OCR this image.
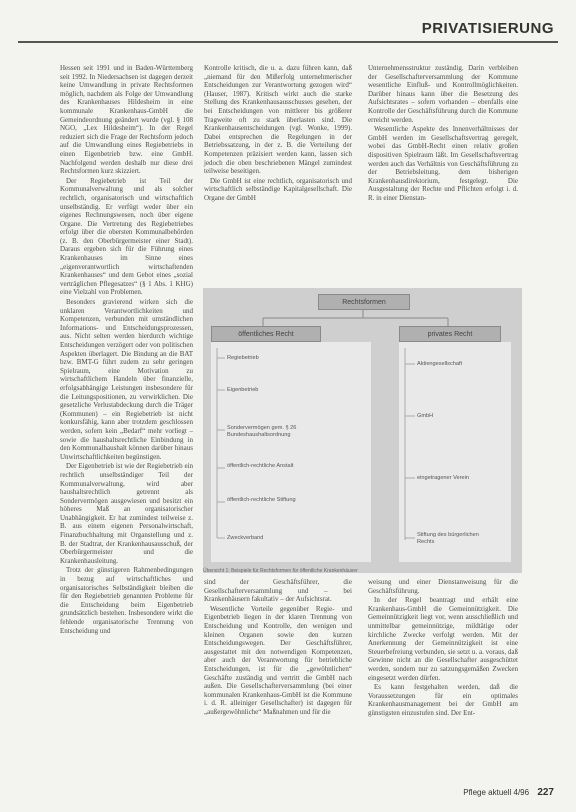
PRIVATISIERUNG

Hessen seit 1991 und in Baden-Württemberg seit 1992. In Niedersachsen ist dagegen derzeit keine Umwandlung in private Rechtsformen möglich, nachdem als Folge der Umwandlung des Krankenhauses Hildesheim in eine kommunale Krankenhaus-GmbH die Gemeindeordnung geändert wurde (vgl. § 108 NGO, „Lex Hildesheim“). In der Regel reduziert sich die Frage der Rechtsform jedoch auf die Umwandlung eines Regiebetriebs in einen Eigenbetrieb bzw. eine GmbH. Nachfolgend werden deshalb nur diese drei Rechtsformen kurz skizziert.

Der Regiebetrieb ist Teil der Kommunalverwaltung und als solcher rechtlich, organisatorisch und wirtschaftlich unselbständig. Er verfügt weder über ein eigenes Rechnungswesen, noch über eigene Organe. Die Vertretung des Regiebetriebes erfolgt über die obersten Kommunalbehörden (z. B. den Oberbürgermeister einer Stadt). Daraus ergeben sich für die Führung eines Krankenhauses im Sinne eines „eigenverantwortlich wirtschaftenden Krankenhauses“ und dem Gebot eines „sozial verträglichen Pflegesatzes“ (§ 1 Abs. 1 KHG) eine Vielzahl von Problemen.

Besonders gravierend wirken sich die unklaren Verantwortlichkeiten und Kompetenzen, verbunden mit umständlichen Informations- und Entscheidungsprozessen, aus. Nicht selten werden hierdurch wichtige Entscheidungen verzögert oder von politischen Aspekten überlagert. Die Bindung an die BAT bzw. BMT-G führt zudem zu sehr geringen Spielraum, eine Motivation zu wirtschaftlichem Handeln über finanzielle, erfolgsabhängige Leistungen insbesondere für die Leitungspositionen, zu verwirklichen. Die gesetzliche Verlustabdeckung durch die Träger (Kommunen) – ein Regiebetrieb ist nicht konkursfähig, kann aber trotzdem geschlossen werden, sofern kein „Bedarf“ mehr vorliegt – sowie die haushaltsrechtliche Einbindung in den Kommunalhaushalt können darüber hinaus Unwirtschaftlichkeiten begünstigen.

Der Eigenbetrieb ist wie der Regiebetrieb ein rechtlich unselbständiger Teil der Kommunalverwaltung, wird aber haushaltsrechtlich getrennt als Sondervermögen ausgewiesen und besitzt ein höheres Maß an organisatorischer Unabhängigkeit. Er hat zumindest teilweise z. B. aus einem eigenen Personalwirtschaft, Finanzbuchhaltung mit Organstellung und z. B. der Stadtrat, der Krankenhausausschuß, der Oberbürgermeister und die Krankenhausleitung.

Trotz der günstigeren Rahmenbedingungen in bezug auf wirtschaftliches und organisatorisches Selbständigkeit bleiben die für den Regiebetrieb genannten Probleme für die Entscheidung beim Eigenbetrieb grundsätzlich bestehen. Insbesondere wirkt die fehlende organisatorische Trennung von Entscheidung und

Kontrolle kritisch, die u. a. dazu führen kann, daß „niemand für den Mißerfolg unternehmerischer Entscheidungen zur Verantwortung gezogen wird“ (Hauser, 1987). Kritisch wirkt auch die starke Stellung des Krankenhausausschusses gesehen, der bei Entscheidungen von mittlerer bis größerer Tragweite oft zu stark überlasten sind. Die Krankenhausentscheidungen (vgl. Wonke, 1999). Dabei entsprechen die Regelungen in der Betriebssatzung, in der z. B. die Verteilung der Kompetenzen präzisiert werden kann, lassen sich jedoch die oben beschriebenen Mängel zumindest teilweise beseitigen.

Die GmbH ist eine rechtlich, organisatorisch und wirtschaftlich selbständige Kapitalgesellschaft. Die Organe der GmbH

Unternehmensstruktur zuständig. Darin verbleiben der Gesellschafterversammlung der Kommune wesentliche Einfluß- und Kontrollmöglichkeiten. Darüber hinaus kann über die Besetzung des Aufsichtsrates – sofern vorhanden – ebenfalls eine Kontrolle der Geschäftsführung durch die Kommune erreicht werden.

Wesentliche Aspekte des Innenverhältnisses der GmbH werden im Gesellschaftsvertrag geregelt, wobei das GmbH-Recht einen relativ großen dispositiven Spielraum läßt. Im Gesellschaftsvertrag werden auch das Verhältnis von Geschäftsführung zu der Betriebsleitung, dem bisherigen Krankenhausdirektorium, festgelegt. Die Ausgestaltung der Rechte und Pflichten erfolgt i. d. R. in einer Dienstan-

Rechtsformen
öffentliches Recht	privates Recht
Regiebetrieb
Eigenbetrieb
Sondervermögen gem. § 26 Bundeshaushaltsordnung
öffentlich-rechtliche Anstalt
öffentlich-rechtliche Stiftung
Zweckverband
Aktiengesellschaft
GmbH
eingetragener Verein
Stiftung des bürgerlichen Rechts
Übersicht 1: Beispiele für Rechtsformen für öffentliche Krankenhäuser

sind der Geschäftsführer, die Gesellschafterversammlung und – bei Krankenhäusern fakultativ – der Aufsichtsrat.

Wesentliche Vorteile gegenüber Regie- und Eigenbetrieb liegen in der klaren Trennung von Entscheidung und Kontrolle, den wenigen und kleinen Organen sowie den kurzen Entscheidungswegen. Der Geschäftsführer, ausgestattet mit den notwendigen Kompetenzen, aber auch der Verantwortung für betriebliche Entscheidungen, ist für die „gewöhnlichen“ Geschäfte zuständig und vertritt die GmbH nach außen. Die Gesellschafterversammlung (bei einer kommunalen Krankenhaus-GmbH ist die Kommune i. d. R. alleiniger Gesellschafter) ist dagegen für „außergewöhnliche“ Maßnahmen und für die

weisung und einer Dienstanweisung für die Geschäftsführung.

In der Regel beantragt und erhält eine Krankenhaus-GmbH die Gemeinnützigkeit. Die Gemeinnützigkeit liegt vor, wenn ausschließlich und unmittelbar gemeinnützige, mildtätige oder kirchliche Zwecke verfolgt werden. Mit der Anerkennung der Gemeinnützigkeit ist eine Steuerbefreiung verbunden, sie setzt u. a. voraus, daß Gewinne nicht an die Gesellschafter ausgeschüttet werden, sondern nur zu satzungsgemäßen Zwecken eingesetzt werden dürfen.

Es kann festgehalten werden, daß die Voraussetzungen für ein optimales Krankenhausmanagement bei der GmbH am günstigsten einzustufen sind. Der Ent-

Pflege aktuell 4/96 227
